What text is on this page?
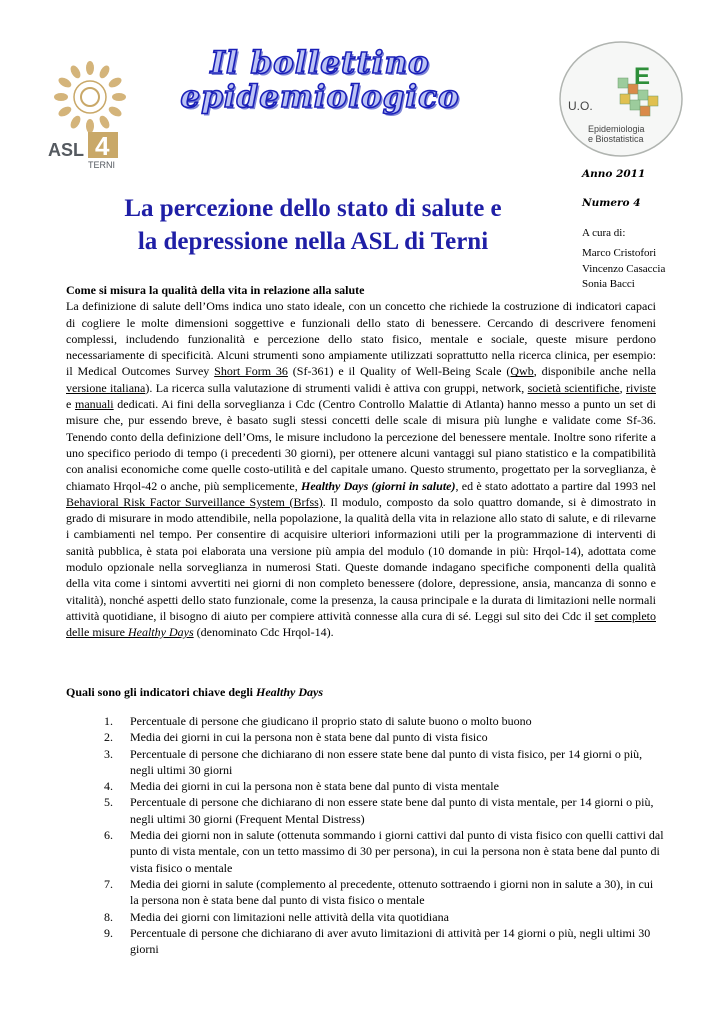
ASL 4
TERNI
Il bollettino
epidemiologico
E
U.O.
Epidemiologia
e Biostatistica
Anno 2011
Numero 4
A cura di:
Marco Cristofori
Vincenzo Casaccia
Sonia Bacci
La percezione dello stato di salute e
la depressione nella ASL di Terni
Come si misura la qualità della vita in relazione alla salute

La definizione di salute dell’Oms indica uno stato ideale, con un concetto che richiede la costruzione di indicatori capaci di cogliere le molte dimensioni soggettive e funzionali dello stato di benessere. Cercando di descrivere fenomeni complessi, includendo funzionalità e percezione dello stato fisico, mentale e sociale, queste misure perdono necessariamente di specificità. Alcuni strumenti sono ampiamente utilizzati soprattutto nella ricerca clinica, per esempio: il Medical Outcomes Survey Short Form 36 (Sf-361) e il Quality of Well-Being Scale (Qwb, disponibile anche nella versione italiana). La ricerca sulla valutazione di strumenti validi è attiva con gruppi, network, società scientifiche, riviste e manuali dedicati. Ai fini della sorveglianza i Cdc (Centro Controllo Malattie di Atlanta) hanno messo a punto un set di misure che, pur essendo breve, è basato sugli stessi concetti delle scale di misura più lunghe e validate come Sf-36. Tenendo conto della definizione dell’Oms, le misure includono la percezione del benessere mentale. Inoltre sono riferite a uno specifico periodo di tempo (i precedenti 30 giorni), per ottenere alcuni vantaggi sul piano statistico e la compatibilità con analisi economiche come quelle costo-utilità e del capitale umano. Questo strumento, progettato per la sorveglianza, è chiamato Hrqol-42 o anche, più semplicemente, Healthy Days (giorni in salute), ed è stato adottato a partire dal 1993 nel Behavioral Risk Factor Surveillance System (Brfss). Il modulo, composto da solo quattro domande, si è dimostrato in grado di misurare in modo attendibile, nella popolazione, la qualità della vita in relazione allo stato di salute, e di rilevarne i cambiamenti nel tempo. Per consentire di acquisire ulteriori informazioni utili per la programmazione di interventi di sanità pubblica, è stata poi elaborata una versione più ampia del modulo (10 domande in più: Hrqol-14), adottata come modulo opzionale nella sorveglianza in numerosi Stati. Queste domande indagano specifiche componenti della qualità della vita come i sintomi avvertiti nei giorni di non completo benessere (dolore, depressione, ansia, mancanza di sonno e vitalità), nonché aspetti dello stato funzionale, come la presenza, la causa principale e la durata di limitazioni nelle normali attività quotidiane, il bisogno di aiuto per compiere attività connesse alla cura di sé. Leggi sul sito dei Cdc il set completo delle misure Healthy Days (denominato Cdc Hrqol-14).

Quali sono gli indicatori chiave degli Healthy Days
1. Percentuale di persone che giudicano il proprio stato di salute buono o molto buono
2. Media dei giorni in cui la persona non è stata bene dal punto di vista fisico
3. Percentuale di persone che dichiarano di non essere state bene dal punto di vista fisico, per 14 giorni o più, negli ultimi 30 giorni
4. Media dei giorni in cui la persona non è stata bene dal punto di vista mentale
5. Percentuale di persone che dichiarano di non essere state bene dal punto di vista mentale, per 14 giorni o più, negli ultimi 30 giorni (Frequent Mental Distress)
6. Media dei giorni non in salute (ottenuta sommando i giorni cattivi dal punto di vista fisico con quelli cattivi dal punto di vista mentale, con un tetto massimo di 30 per persona), in cui la persona non è stata bene dal punto di vista fisico o mentale
7. Media dei giorni in salute (complemento al precedente, ottenuto sottraendo i giorni non in salute a 30), in cui la persona non è stata bene dal punto di vista fisico o mentale
8. Media dei giorni con limitazioni nelle attività della vita quotidiana
9. Percentuale di persone che dichiarano di aver avuto limitazioni di attività per 14 giorni o più, negli ultimi 30 giorni
